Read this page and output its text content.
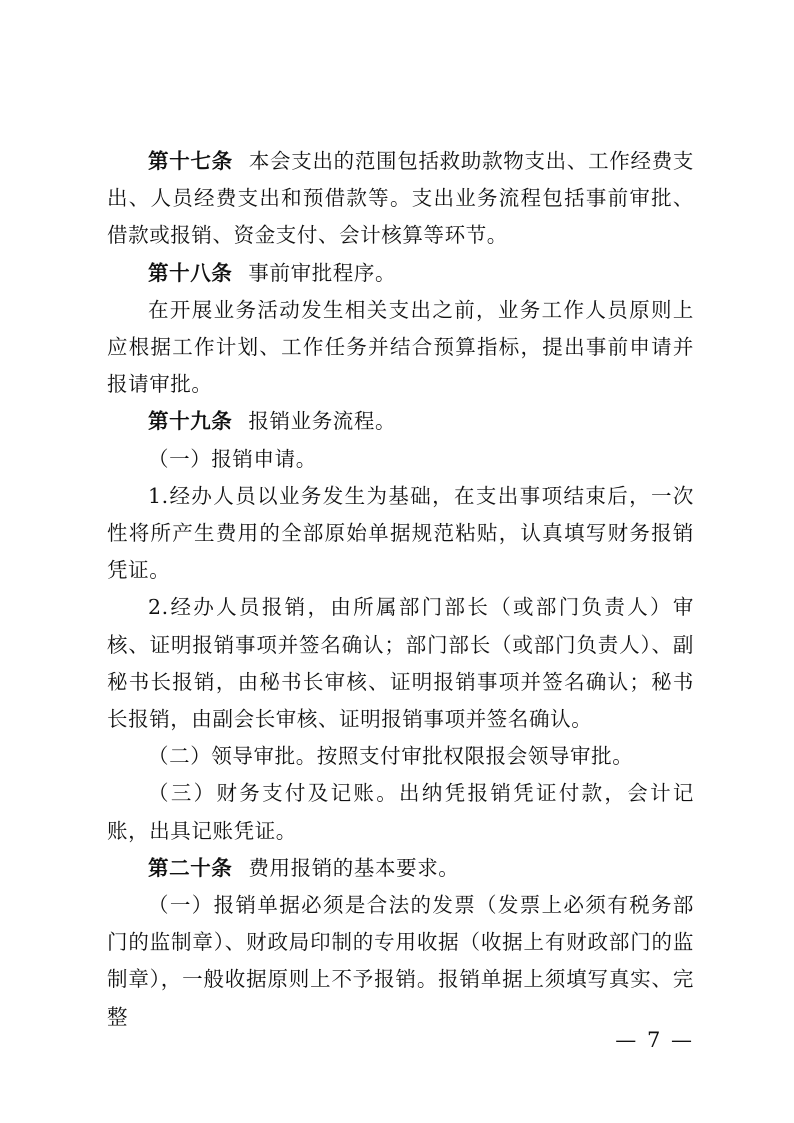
第十七条 本会支出的范围包括救助款物支出、工作经费支出、人员经费支出和预借款等。支出业务流程包括事前审批、借款或报销、资金支付、会计核算等环节。

第十八条 事前审批程序。

在开展业务活动发生相关支出之前，业务工作人员原则上应根据工作计划、工作任务并结合预算指标，提出事前申请并报请审批。

第十九条 报销业务流程。

（一）报销申请。

1.经办人员以业务发生为基础，在支出事项结束后，一次性将所产生费用的全部原始单据规范粘贴，认真填写财务报销凭证。

2.经办人员报销，由所属部门部长（或部门负责人）审核、证明报销事项并签名确认；部门部长（或部门负责人）、副秘书长报销，由秘书长审核、证明报销事项并签名确认；秘书长报销，由副会长审核、证明报销事项并签名确认。

（二）领导审批。按照支付审批权限报会领导审批。

（三）财务支付及记账。出纳凭报销凭证付款，会计记账，出具记账凭证。

第二十条 费用报销的基本要求。

（一）报销单据必须是合法的发票（发票上必须有税务部门的监制章）、财政局印制的专用收据（收据上有财政部门的监制章），一般收据原则上不予报销。报销单据上须填写真实、完整

— 7 —
